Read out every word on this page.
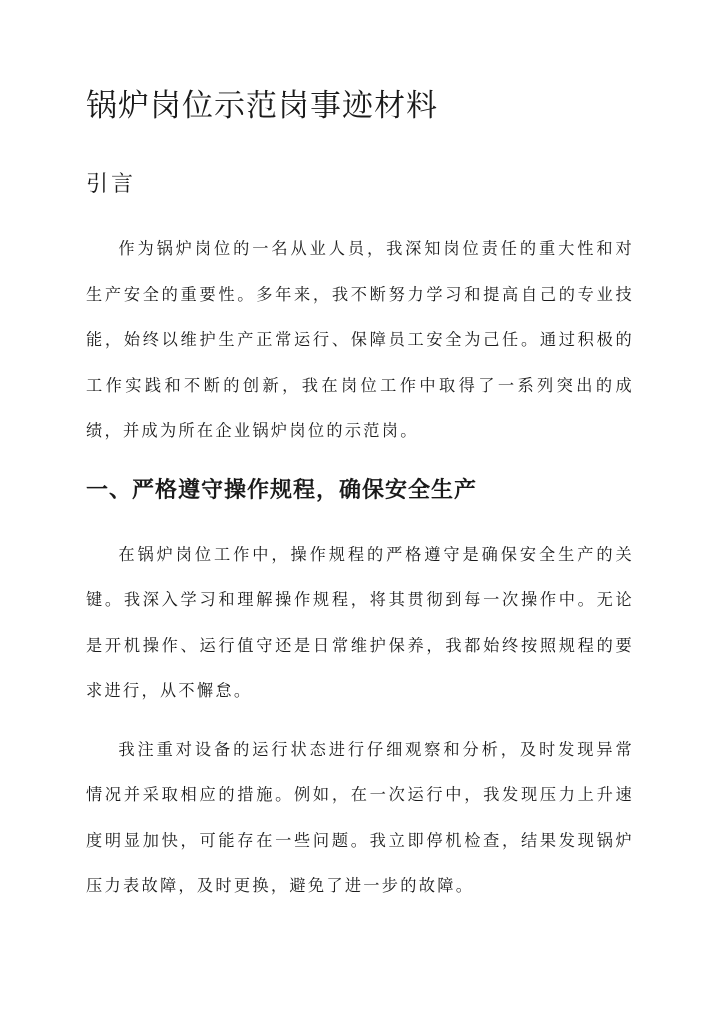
锅炉岗位示范岗事迹材料
引言

作为锅炉岗位的一名从业人员，我深知岗位责任的重大性和对生产安全的重要性。多年来，我不断努力学习和提高自己的专业技能，始终以维护生产正常运行、保障员工安全为己任。通过积极的工作实践和不断的创新，我在岗位工作中取得了一系列突出的成绩，并成为所在企业锅炉岗位的示范岗。

一、严格遵守操作规程，确保安全生产

在锅炉岗位工作中，操作规程的严格遵守是确保安全生产的关键。我深入学习和理解操作规程，将其贯彻到每一次操作中。无论是开机操作、运行值守还是日常维护保养，我都始终按照规程的要求进行，从不懈怠。

我注重对设备的运行状态进行仔细观察和分析，及时发现异常情况并采取相应的措施。例如，在一次运行中，我发现压力上升速度明显加快，可能存在一些问题。我立即停机检查，结果发现锅炉压力表故障，及时更换，避免了进一步的故障。
